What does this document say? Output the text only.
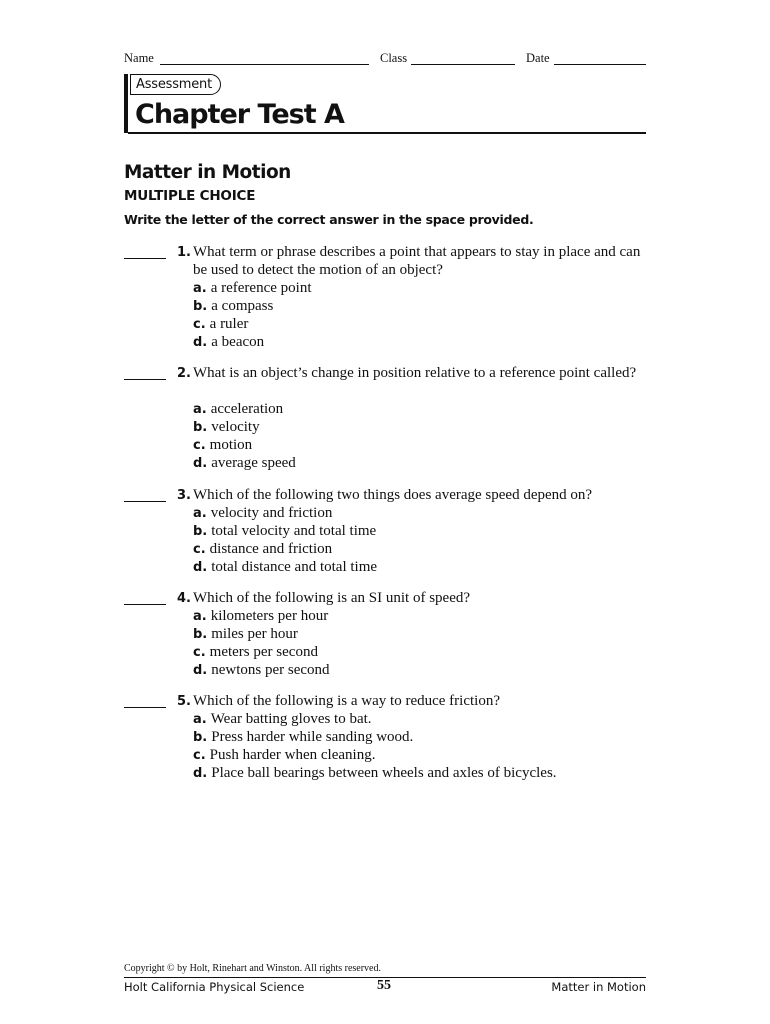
Name	Class	Date
Assessment
Chapter Test A
Matter in Motion
MULTIPLE CHOICE
Write the letter of the correct answer in the space provided.
1. What term or phrase describes a point that appears to stay in place and can be used to detect the motion of an object?
a. a reference point
b. a compass
c. a ruler
d. a beacon
2. What is an object’s change in position relative to a reference point called?
a. acceleration
b. velocity
c. motion
d. average speed
3. Which of the following two things does average speed depend on?
a. velocity and friction
b. total velocity and total time
c. distance and friction
d. total distance and total time
4. Which of the following is an SI unit of speed?
a. kilometers per hour
b. miles per hour
c. meters per second
d. newtons per second
5. Which of the following is a way to reduce friction?
a. Wear batting gloves to bat.
b. Press harder while sanding wood.
c. Push harder when cleaning.
d. Place ball bearings between wheels and axles of bicycles.
Copyright © by Holt, Rinehart and Winston. All rights reserved.
Holt California Physical Science	55	Matter in Motion
